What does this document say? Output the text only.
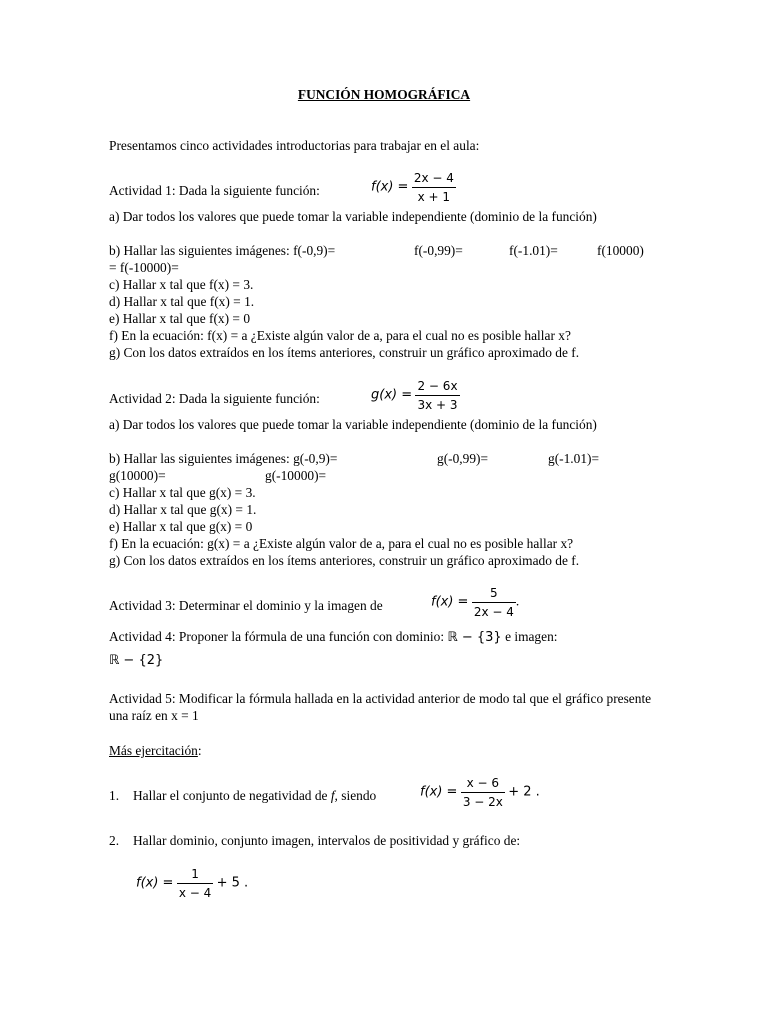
FUNCIÓN HOMOGRÁFICA
Presentamos cinco actividades introductorias para trabajar en el aula:
Actividad 1: Dada la siguiente función:	$f(x) = \frac{2x - 4}{x + 1}$
a) Dar todos los valores que puede tomar la variable independiente (dominio de la función)
b) Hallar las siguientes imágenes: f(-0,9)=	f(-0,99)=	f(-1.01)=	f(10000)
= f(-10000)=
c) Hallar x tal que f(x) = 3.
d) Hallar x tal que f(x) = 1.
e) Hallar x tal que f(x) = 0
f) En la ecuación: f(x) = a ¿Existe algún valor de a, para el cual no es posible hallar x?
g) Con los datos extraídos en los ítems anteriores, construir un gráfico aproximado de f.
Actividad 2: Dada la siguiente función:	$g(x) = \frac{2 - 6x}{3x + 3}$
a) Dar todos los valores que puede tomar la variable independiente (dominio de la función)
b) Hallar las siguientes imágenes: g(-0,9)=	g(-0,99)=	g(-1.01)=
g(10000)=	g(-10000)=
c) Hallar x tal que g(x) = 3.
d) Hallar x tal que g(x) = 1.
e) Hallar x tal que g(x) = 0
f) En la ecuación: g(x) = a ¿Existe algún valor de a, para el cual no es posible hallar x?
g) Con los datos extraídos en los ítems anteriores, construir un gráfico aproximado de f.
Actividad 3: Determinar el dominio y la imagen de	$f(x) = \frac{5}{2x - 4}$ .
Actividad 4: Proponer la fórmula de una función con dominio: ℝ − {3} e imagen:
ℝ − {2}
Actividad 5: Modificar la fórmula hallada en la actividad anterior de modo tal que el gráfico presente una raíz en x = 1
Más ejercitación:
1. Hallar el conjunto de negatividad de f, siendo	$f(x) = \frac{x - 6}{3 - 2x} + 2$ .
2. Hallar dominio, conjunto imagen, intervalos de positividad y gráfico de:
$f(x) = \frac{1}{x - 4} + 5$ .
